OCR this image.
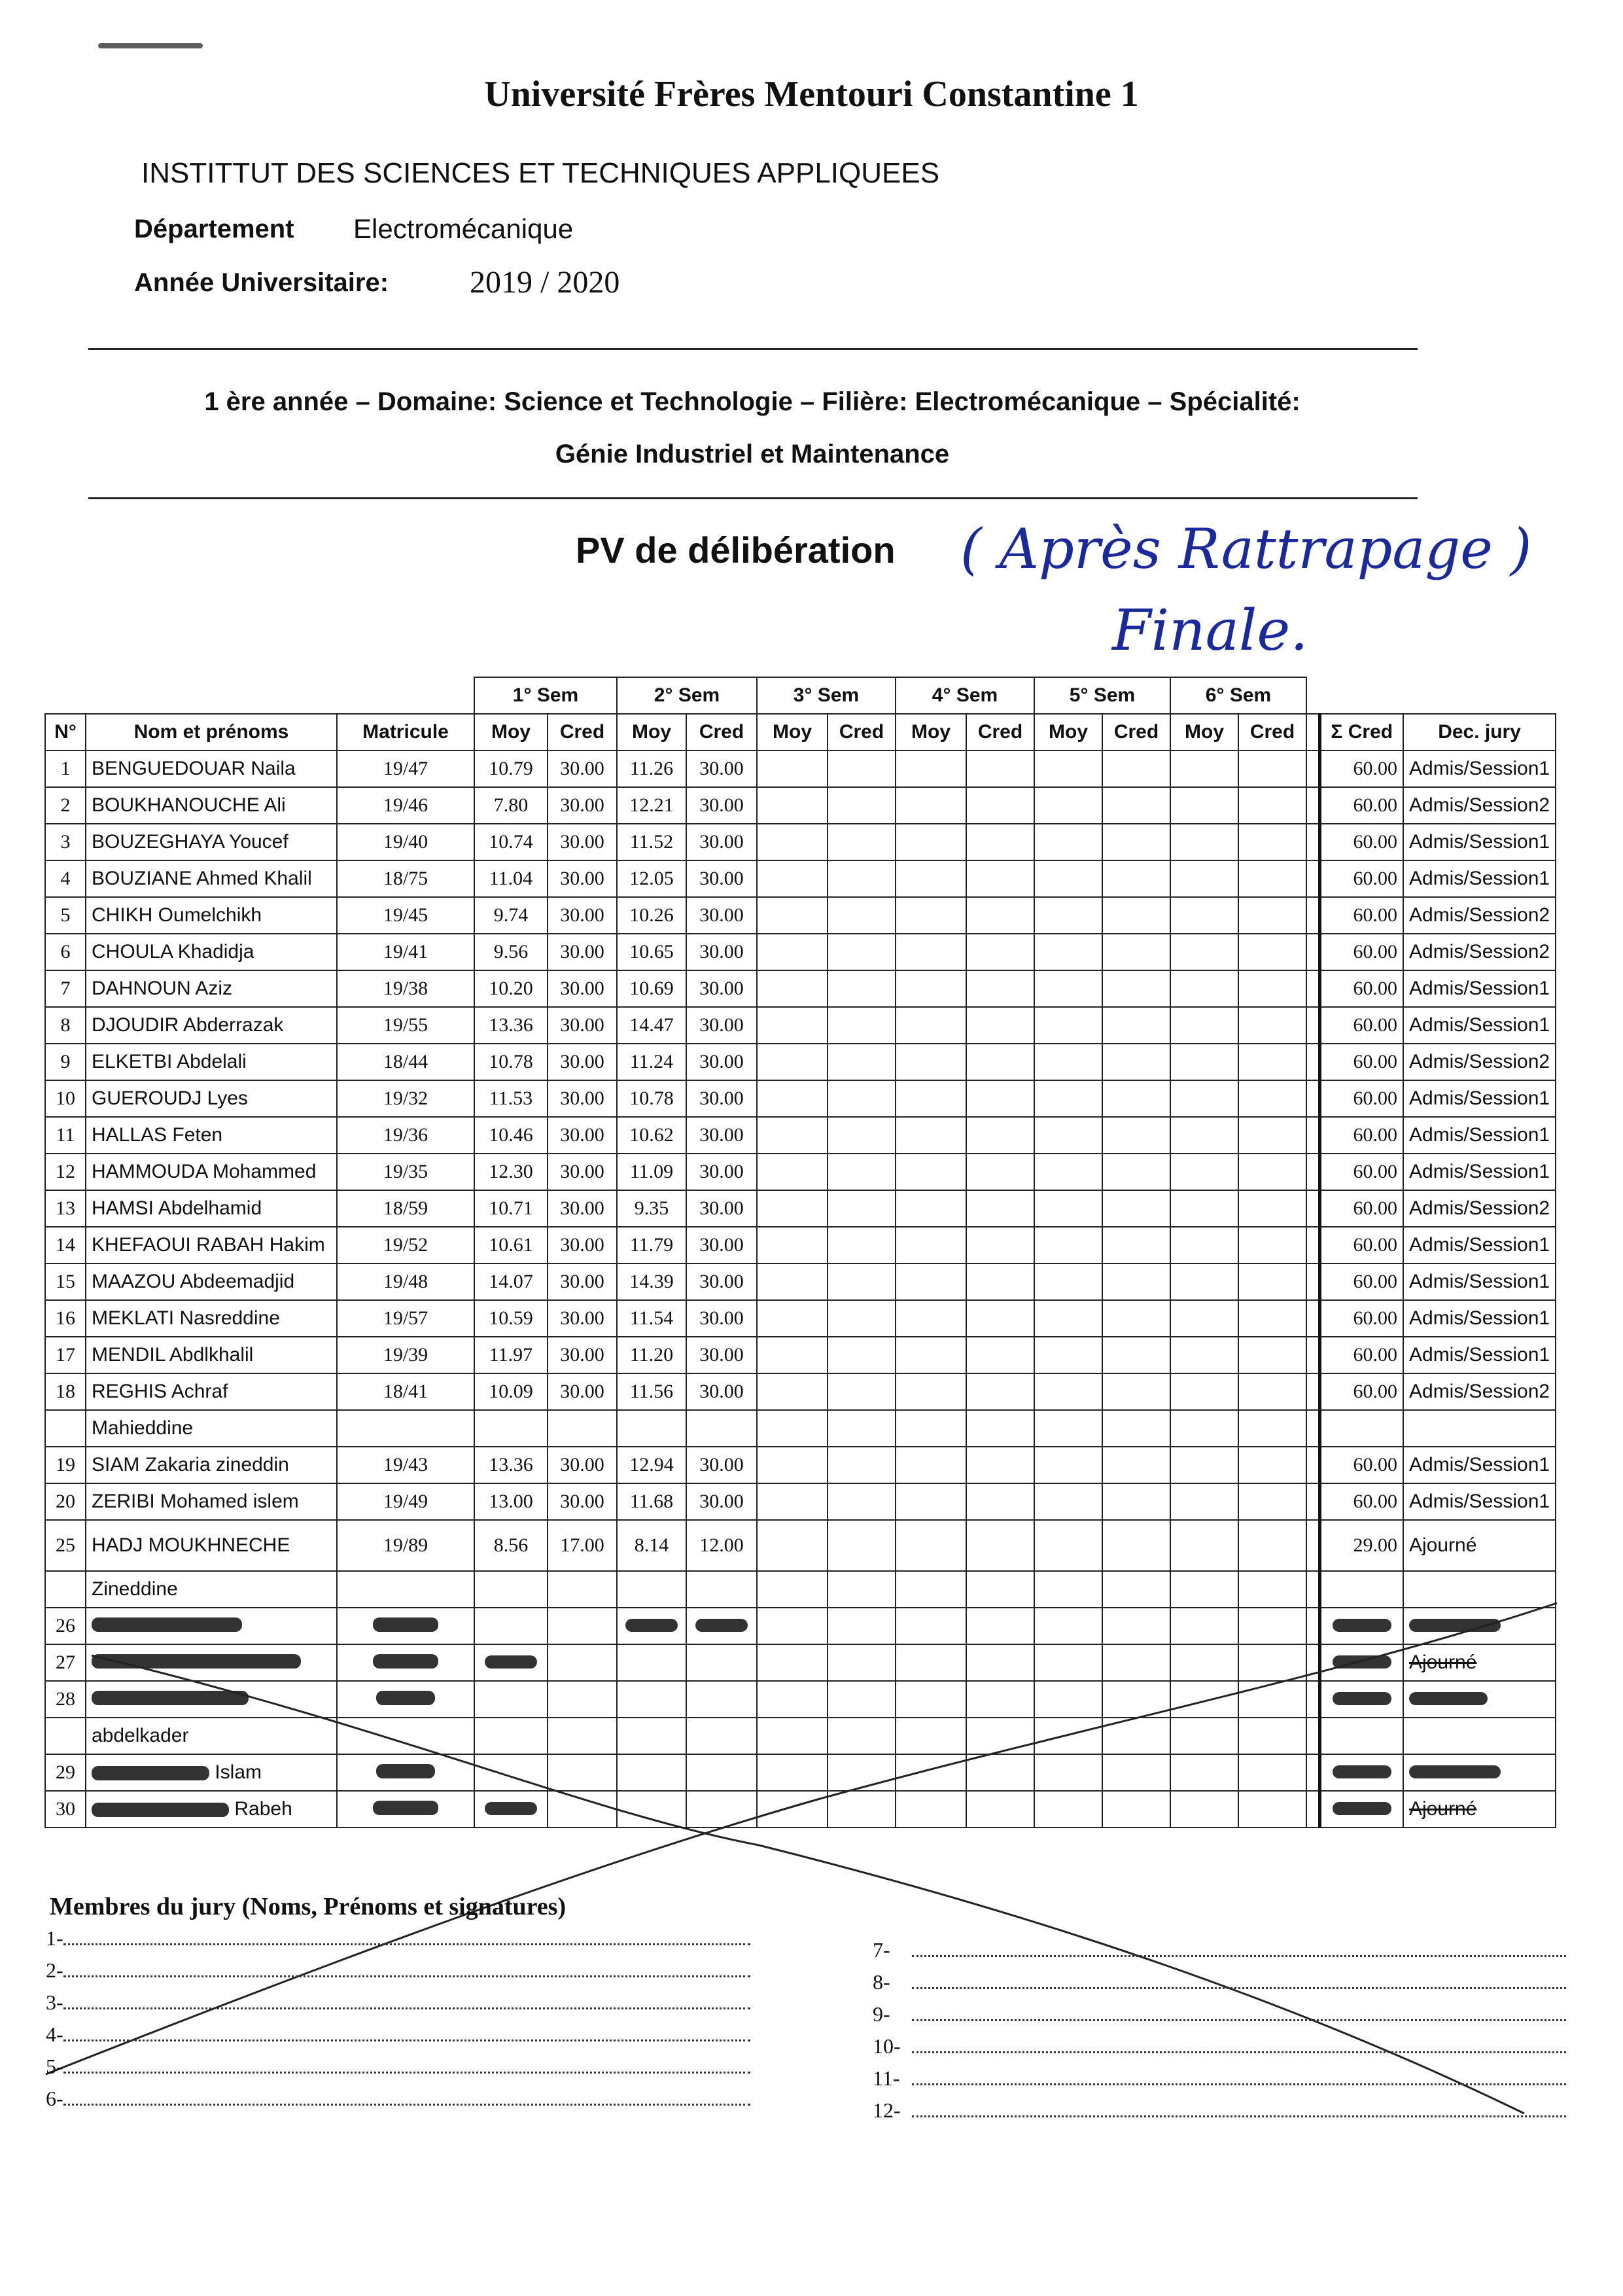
Université Frères Mentouri Constantine 1
INSTITTUT DES SCIENCES ET TECHNIQUES APPLIQUEES
Département Electromécanique
Année Universitaire:	2019 / 2020
1 ère année – Domaine: Science et Technologie – Filière: Electromécanique – Spécialité:
Génie Industriel et Maintenance
PV de délibération ( Après Rattrapage )
Finale.
			1° Sem		2° Sem		3° Sem		4° Sem		5° Sem		6° Sem				
N°	Nom et prénoms	Matricule	Moy	Cred	Moy	Cred	Moy	Cred	Moy	Cred	Moy	Cred	Moy	Cred		Σ Cred	Dec. jury
1	BENGUEDOUAR Naila	19/47	10.79	30.00	11.26	30.00										60.00	Admis/Session1
2	BOUKHANOUCHE Ali	19/46	7.80	30.00	12.21	30.00										60.00	Admis/Session2
3	BOUZEGHAYA Youcef	19/40	10.74	30.00	11.52	30.00										60.00	Admis/Session1
4	BOUZIANE Ahmed Khalil	18/75	11.04	30.00	12.05	30.00										60.00	Admis/Session1
5	CHIKH Oumelchikh	19/45	9.74	30.00	10.26	30.00										60.00	Admis/Session2
6	CHOULA Khadidja	19/41	9.56	30.00	10.65	30.00										60.00	Admis/Session2
7	DAHNOUN Aziz	19/38	10.20	30.00	10.69	30.00										60.00	Admis/Session1
8	DJOUDIR Abderrazak	19/55	13.36	30.00	14.47	30.00										60.00	Admis/Session1
9	ELKETBI Abdelali	18/44	10.78	30.00	11.24	30.00										60.00	Admis/Session2
10	GUEROUDJ Lyes	19/32	11.53	30.00	10.78	30.00										60.00	Admis/Session1
11	HALLAS Feten	19/36	10.46	30.00	10.62	30.00										60.00	Admis/Session1
12	HAMMOUDA Mohammed	19/35	12.30	30.00	11.09	30.00										60.00	Admis/Session1
13	HAMSI Abdelhamid	18/59	10.71	30.00	9.35	30.00										60.00	Admis/Session2
14	KHEFAOUI RABAH Hakim	19/52	10.61	30.00	11.79	30.00										60.00	Admis/Session1
15	MAAZOU Abdeemadjid	19/48	14.07	30.00	14.39	30.00										60.00	Admis/Session1
16	MEKLATI Nasreddine	19/57	10.59	30.00	11.54	30.00										60.00	Admis/Session1
17	MENDIL Abdlkhalil	19/39	11.97	30.00	11.20	30.00										60.00	Admis/Session1
18	REGHIS Achraf	18/41	10.09	30.00	11.56	30.00										60.00	Admis/Session2
	Mahieddine																
19	SIAM Zakaria zineddin	19/43	13.36	30.00	12.94	30.00										60.00	Admis/Session1
20	ZERIBI Mohamed islem	19/49	13.00	30.00	11.68	30.00										60.00	Admis/Session1
25	HADJ MOUKHNECHE	19/89	8.56	17.00	8.14	12.00										29.00	Ajourné
	Zineddine																
26																	
27																	Ajourné
28																	
	abdelkader																
29	Islam																
30	Rabeh																Ajourné
Membres du jury (Noms, Prénoms et signatures)
1-
2-
3-
4-
5-
6-
7-
8-
9-
10-
11-
12-
